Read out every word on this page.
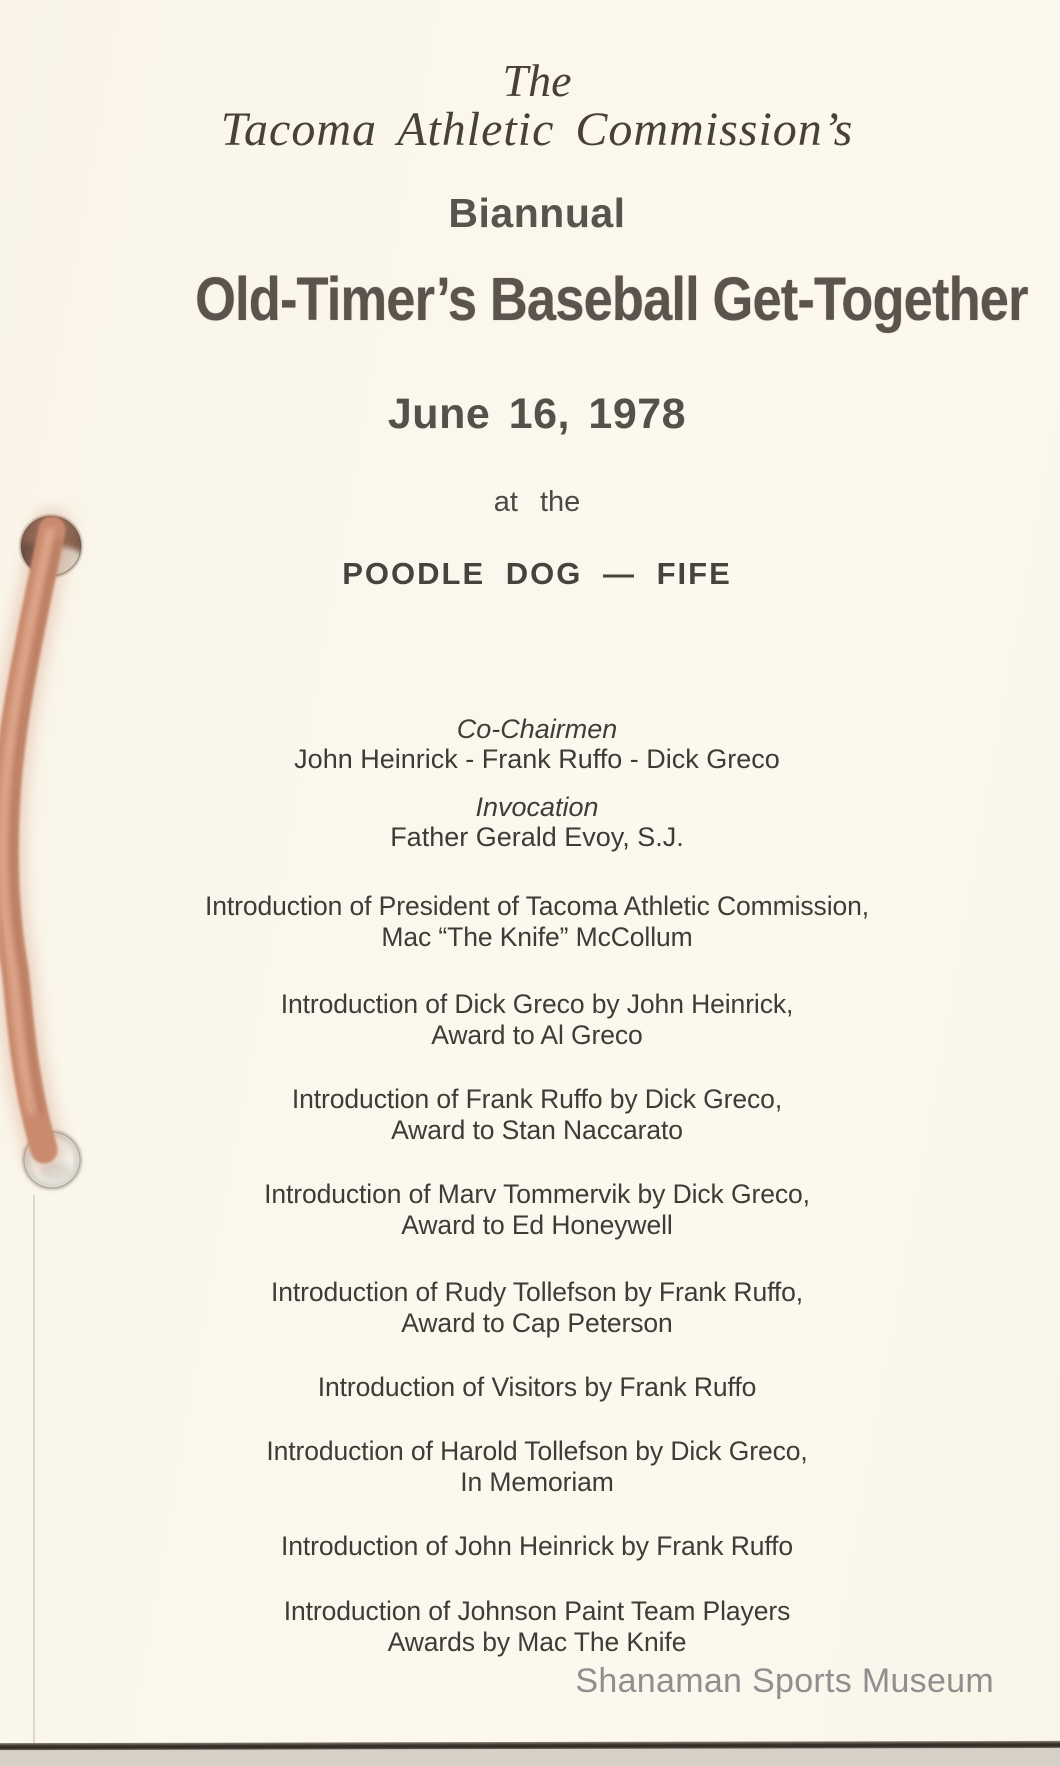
The
Tacoma Athletic Commission’s
Biannual
Old-Timer’s Baseball Get-Together
June 16, 1978
at the
POODLE DOG — FIFE
Co-Chairmen
John Heinrick - Frank Ruffo - Dick Greco
Invocation
Father Gerald Evoy, S.J.
Introduction of President of Tacoma Athletic Commission,
Mac “The Knife” McCollum
Introduction of Dick Greco by John Heinrick,
Award to Al Greco
Introduction of Frank Ruffo by Dick Greco,
Award to Stan Naccarato
Introduction of Marv Tommervik by Dick Greco,
Award to Ed Honeywell
Introduction of Rudy Tollefson by Frank Ruffo,
Award to Cap Peterson
Introduction of Visitors by Frank Ruffo
Introduction of Harold Tollefson by Dick Greco,
In Memoriam
Introduction of John Heinrick by Frank Ruffo
Introduction of Johnson Paint Team Players
Awards by Mac The Knife
Shanaman Sports Museum
